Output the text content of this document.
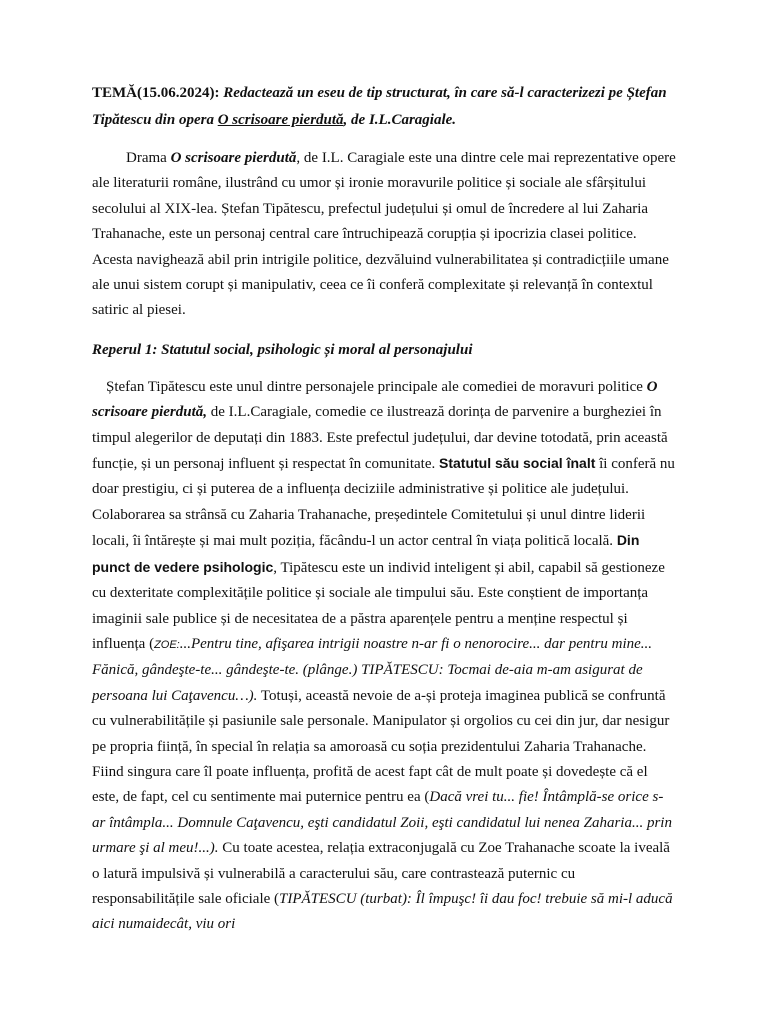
TEMĂ(15.06.2024): Redactează un eseu de tip structurat, în care să-l caracterizezi pe Ștefan Tipătescu din opera O scrisoare pierdută, de I.L.Caragiale.

Drama O scrisoare pierdută, de I.L. Caragiale este una dintre cele mai reprezentative opere ale literaturii române, ilustrând cu umor și ironie moravurile politice și sociale ale sfârșitului secolului al XIX-lea. Ștefan Tipătescu, prefectul județului și omul de încredere al lui Zaharia Trahanache, este un personaj central care întruchipează corupția și ipocrizia clasei politice. Acesta navighează abil prin intrigile politice, dezvăluind vulnerabilitatea și contradicțiile umane ale unui sistem corupt și manipulativ, ceea ce îi conferă complexitate și relevanță în contextul satiric al piesei.

Reperul 1: Statutul social, psihologic și moral al personajului

Ștefan Tipătescu este unul dintre personajele principale ale comediei de moravuri politice O scrisoare pierdută, de I.L.Caragiale, comedie ce ilustrează dorința de parvenire a burgheziei în timpul alegerilor de deputați din 1883. Este prefectul județului, dar devine totodată, prin această funcție, și un personaj influent și respectat în comunitate. Statutul său social înalt îi conferă nu doar prestigiu, ci și puterea de a influența deciziile administrative și politice ale județului. Colaborarea sa strânsă cu Zaharia Trahanache, președintele Comitetului și unul dintre liderii locali, îi întărește și mai mult poziția, făcându-l un actor central în viața politică locală. Din punct de vedere psihologic, Tipătescu este un individ inteligent și abil, capabil să gestioneze cu dexteritate complexitățile politice și sociale ale timpului său. Este conștient de importanța imaginii sale publice și de necesitatea de a păstra aparențele pentru a menține respectul și influența (ZOE:...Pentru tine, afişarea intrigii noastre n-ar fi o nenorocire... dar pentru mine... Fănică, gândeşte-te... gândeşte-te. (plânge.) TIPĂTESCU: Tocmai de-aia m-am asigurat de persoana lui Caţavencu…). Totuși, această nevoie de a-și proteja imaginea publică se confruntă cu vulnerabilitățile și pasiunile sale personale. Manipulator și orgolios cu cei din jur, dar nesigur pe propria ființă, în special în relația sa amoroasă cu soția prezidentului Zaharia Trahanache. Fiind singura care îl poate influența, profită de acest fapt cât de mult poate și dovedește că el este, de fapt, cel cu sentimente mai puternice pentru ea (Dacă vrei tu... fie! Întâmplă-se orice s-ar întâmpla... Domnule Caţavencu, eşti candidatul Zoii, eşti candidatul lui nenea Zaharia... prin urmare şi al meu!...). Cu toate acestea, relația extraconjugală cu Zoe Trahanache scoate la iveală o latură impulsivă și vulnerabilă a caracterului său, care contrastează puternic cu responsabilitățile sale oficiale (TIPĂTESCU (turbat): Îl împuşc! îi dau foc! trebuie să mi-l aducă aici numaidecât, viu ori
